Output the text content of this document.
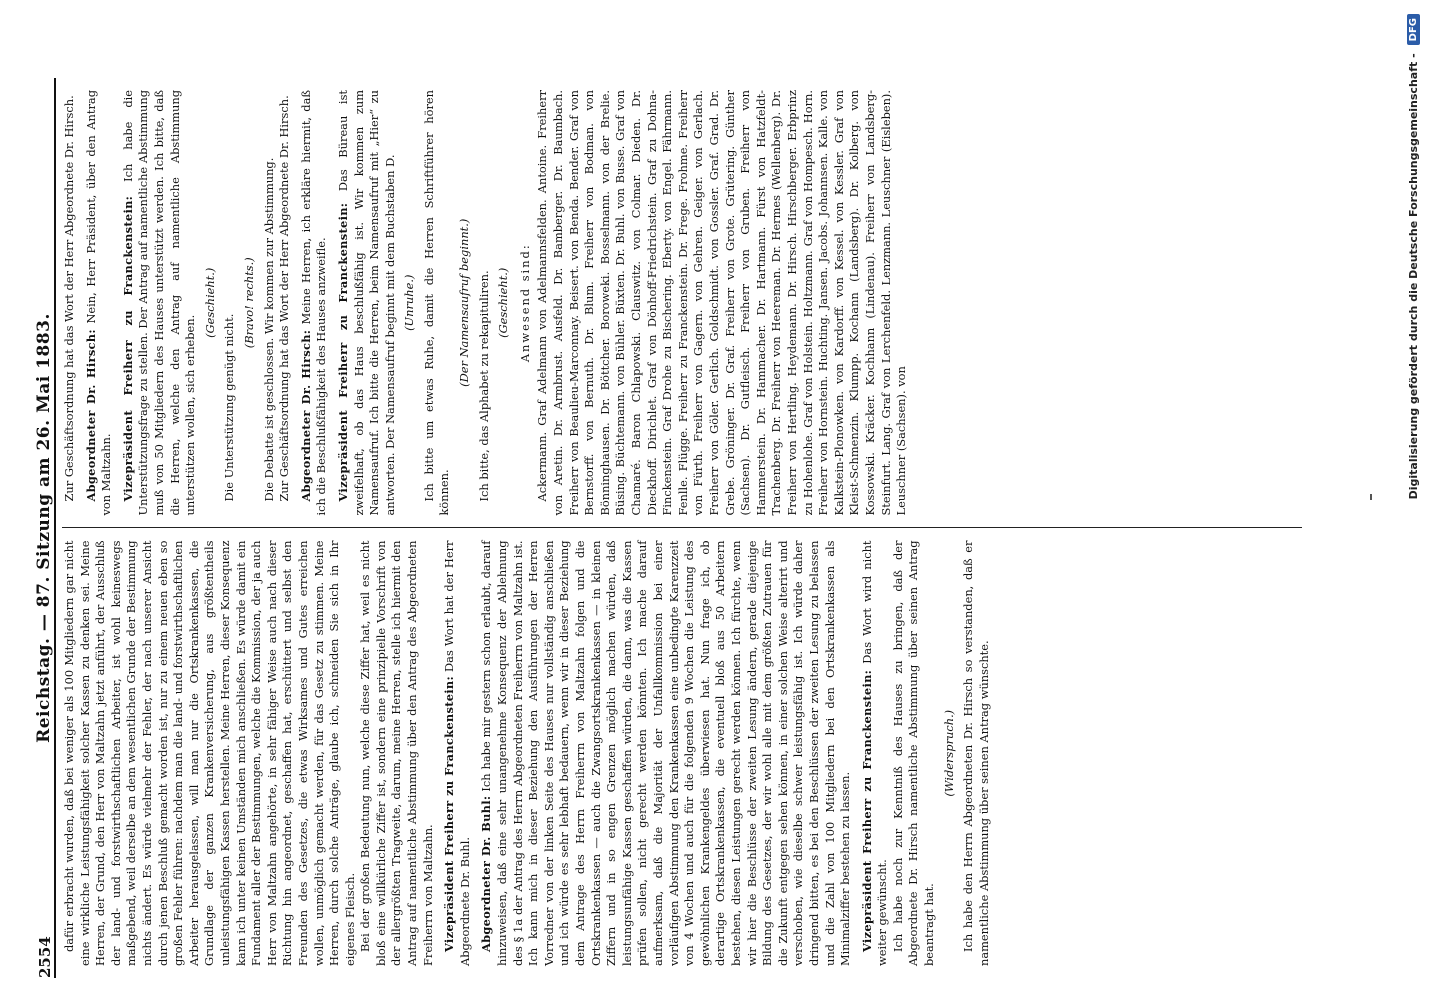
2554
Reichstag. — 87. Sitzung am 26. Mai 1883.

dafür erbracht wurden, daß bei weniger als 100 Mitgliedern gar nicht eine wirkliche Leistungsfähigkeit solcher Kassen zu denken sei. Meine Herren, der Grund, den Herr von Maltzahn jetzt anführt, der Ausschluß der land- und forstwirthschaftlichen Arbeiter, ist wohl keineswegs maßgebend, weil derselbe an dem wesentlichen Grunde der Bestimmung nichts ändert. Es würde vielmehr der Fehler, der nach unserer Ansicht durch jenen Beschluß gemacht worden ist, nur zu einem neuen eben so großen Fehler führen: nachdem man die land- und forstwirthschaftlichen Arbeiter herausgelassen, will man nur die Ortskrankenkassen, die Grundlage der ganzen Krankenversicherung, aus größtentheils unleistungsfähigen Kassen herstellen. Meine Herren, dieser Konsequenz kann ich unter keinen Umständen mich anschließen. Es würde damit ein Fundament aller der Bestimmungen, welche die Kommission, der ja auch Herr von Maltzahn angehörte, in sehr fähiger Weise auch nach dieser Richtung hin angeordnet, geschaffen hat, erschüttert und selbst den Freunden des Gesetzes, die etwas Wirksames und Gutes erreichen wollen, unmöglich gemacht werden, für das Gesetz zu stimmen. Meine Herren, durch solche Anträge, glaube ich, schneiden Sie sich in Ihr eigenes Fleisch. Bei der großen Bedeutung nun, welche diese Ziffer hat, weil es nicht bloß eine willkürliche Ziffer ist, sondern eine prinzipielle Vorschrift von der allergrößten Tragweite, darum, meine Herren, stelle ich hiermit den Antrag auf namentliche Abstimmung über den Antrag des Abgeordneten Freiherrn von Maltzahn. Vizepräsident Freiherr zu Franckenstein: Das Wort hat der Herr Abgeordnete Dr. Buhl. Abgeordneter Dr. Buhl: Ich habe mir gestern schon erlaubt, darauf hinzuweisen, daß eine sehr unangenehme Konsequenz der Ablehnung des § 1a der Antrag des Herrn Abgeordneten Freiherrn von Maltzahn ist. Ich kann mich in dieser Beziehung den Ausführungen der Herren Vorredner von der linken Seite des Hauses nur vollständig anschließen und ich würde es sehr lebhaft bedauern, wenn wir in dieser Beziehung dem Antrage des Herrn Freiherrn von Maltzahn folgen und die Ortskrankenkassen — auch die Zwangsortskrankenkassen — in kleinen Ziffern und in so engen Grenzen möglich machen würden, daß leistungsunfähige Kassen geschaffen würden, die dann, was die Kassen prüfen sollen, nicht gerecht werden könnten. Ich mache darauf aufmerksam, daß die Majorität der Unfallkommission bei einer vorläufigen Abstimmung den Krankenkassen eine unbedingte Karenzzeit von 4 Wochen und auch für die folgenden 9 Wochen die Leistung des gewöhnlichen Krankengeldes überwiesen hat. Nun frage ich, ob derartige Ortskrankenkassen, die eventuell bloß aus 50 Arbeitern bestehen, diesen Leistungen gerecht werden können. Ich fürchte, wenn wir hier die Beschlüsse der zweiten Lesung ändern, gerade diejenige Bildung des Gesetzes, der wir wohl alle mit dem größten Zutrauen für die Zukunft entgegen sehen können, in einer solchen Weise alterirt und verschoben, wie dieselbe schwer leistungsfähig ist. Ich würde daher dringend bitten, es bei den Beschlüssen der zweiten Lesung zu belassen und die Zahl von 100 Mitgliedern bei den Ortskrankenkassen als Minimalziffer bestehen zu lassen. Vizepräsident Freiherr zu Franckenstein: Das Wort wird nicht weiter gewünscht. Ich habe noch zur Kenntniß des Hauses zu bringen, daß der Abgeordnete Dr. Hirsch namentliche Abstimmung über seinen Antrag beantragt hat.

(Widerspruch.) Ich habe den Herrn Abgeordneten Dr. Hirsch so verstanden, daß er namentliche Abstimmung über seinen Antrag wünschte.

Zur Geschäftsordnung hat das Wort der Herr Abgeordnete Dr. Hirsch. Abgeordneter Dr. Hirsch: Nein, Herr Präsident, über den Antrag von Maltzahn. Vizepräsident Freiherr zu Franckenstein: Ich habe die Unterstützungsfrage zu stellen. Der Antrag auf namentliche Abstimmung muß von 50 Mitgliedern des Hauses unterstützt werden. Ich bitte, daß die Herren, welche den Antrag auf namentliche Abstimmung unterstützen wollen, sich erheben.

(Geschieht.)

Die Unterstützung genügt nicht.

(Bravo! rechts.) Die Debatte ist geschlossen. Wir kommen zur Abstimmung. Zur Geschäftsordnung hat das Wort der Herr Abgeordnete Dr. Hirsch. Abgeordneter Dr. Hirsch: Meine Herren, ich erkläre hiermit, daß ich die Beschlußfähigkeit des Hauses anzweifle. Vizepräsident Freiherr zu Franckenstein: Das Büreau ist zweifelhaft, ob das Haus beschlußfähig ist. Wir kommen zum Namensaufruf. Ich bitte die Herren, beim Namensaufruf mit „Hier“ zu antworten. Der Namensaufruf beginnt mit dem Buchstaben D. (Unruhe.) Ich bitte um etwas Ruhe, damit die Herren Schriftführer hören können.

(Der Namensaufruf beginnt.) Ich bitte, das Alphabet zu rekapituliren. (Geschieht.) Anwesend sind: Ackermann. Graf Adelmann von Adelmannsfelden. Antoine. Freiherr von Aretin. Dr. Armbrust. Ausfeld. Dr. Bamberger. Dr. Baumbach. Freiherr von Beaulieu-Marconnay. Beisert. von Benda. Bender. Graf von Bernstorff. von Bernuth. Dr. Blum. Freiherr von Bodman. von Bönninghausen. Dr. Böttcher. Boroweki. Bosselmann. von der Brelie. Büsing. Büchtemann. von Bühler. Büxten. Dr. Buhl. von Busse. Graf von Chamaré. Baron Chlapowski. Clauswitz. von Colmar. Dieden. Dr. Dieckhoff. Dirichlet. Graf von Dönhoff-Friedrichstein. Graf zu Dohna-Finckenstein. Graf Drohe zu Bischering. Eberty. von Engel. Fährmann. Fenlle. Flügge. Freiherr zu Franckenstein. Dr. Frege. Frohme. Freiherr von Fürth. Freiherr von Gagern. von Gehren. Geiger. von Gerlach. Freiherr von Göler. Gerlich. Goldschmidt. von Gossler. Graf. Grad. Dr. Grebe. Gröninger. Dr. Graf. Freiherr von Grote. Grütering. Günther (Sachsen). Dr. Gutfleisch. Freiherr von Gruben. Freiherr von Hammerstein. Dr. Hammacher. Dr. Hartmann. Fürst von Hatzfeldt-Trachenberg. Dr. Freiherr von Heereman. Dr. Hermes (Wellenberg). Dr. Freiherr von Hertling. Heydemann. Dr. Hirsch. Hirschberger. Erbprinz zu Hohenlohe. Graf von Holstein. Holtzmann. Graf von Hompesch. Horn. Freiherr von Hornstein. Huchting. Jansen. Jacobs. Johannsen. Kalle. von Kalkstein-Plonowken. von Kardorff. von Kessel. von Kessler. Graf von Kleist-Schmenzin. Klumpp. Kochann (Landsberg). Dr. Kolberg. von Kossowski. Kräcker. Kochhann (Lindenau). Freiherr von Landsberg-Steinfurt. Lang. Graf von Lerchenfeld. Lenzmann. Leuschner (Eisleben). Leuschner (Sachsen). von	Digitalisierung gefördert durch die Deutsche Forschungsgemeinschaft -
DFG
